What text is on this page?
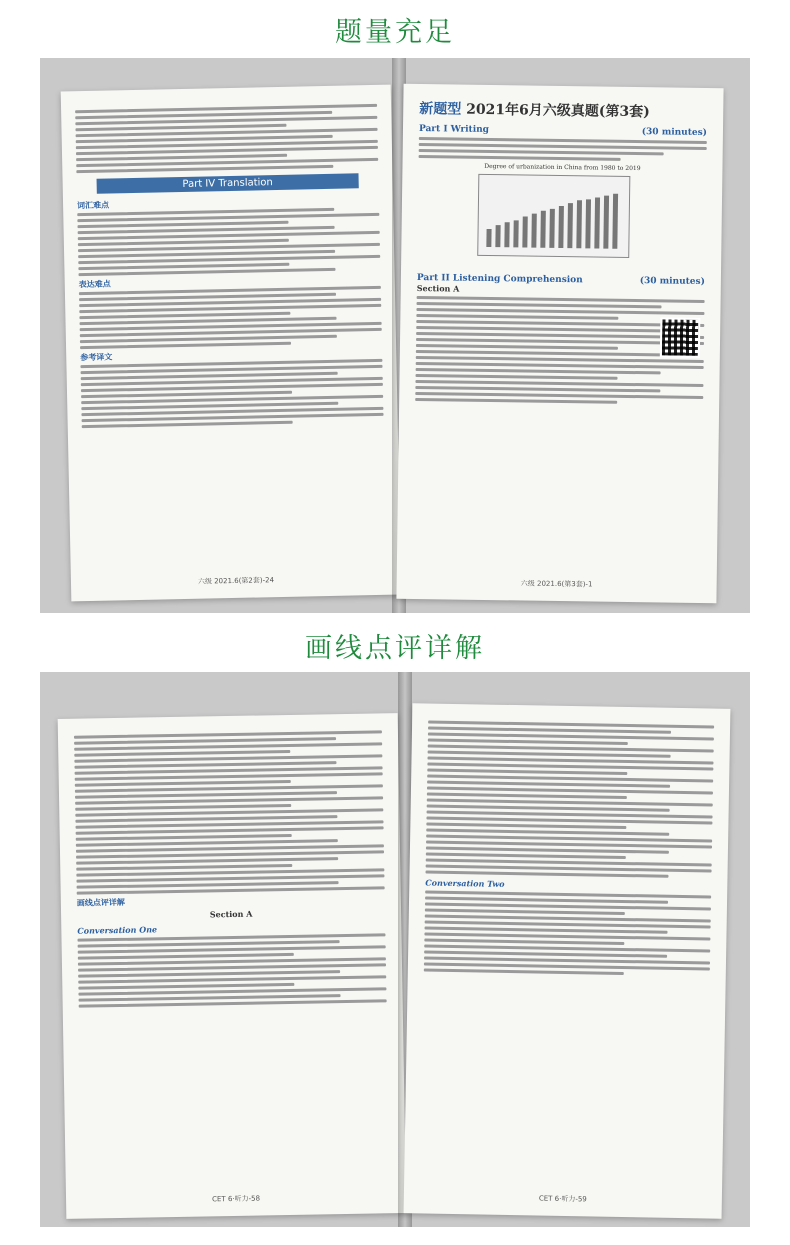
题量充足
Part IV Translation
词汇难点
表达难点
参考译文
六级 2021.6(第2套)-24
新题型 2021年6月六级真题(第3套)
Part I Writing	(30 minutes)
Degree of urbanization in China from 1980 to 2019
Part II Listening Comprehension	(30 minutes)
Section A
六级 2021.6(第3套)-1
画线点评详解
画线点评详解
Section A
Conversation One
CET 6·听力-58
Conversation Two
CET 6·听力-59
